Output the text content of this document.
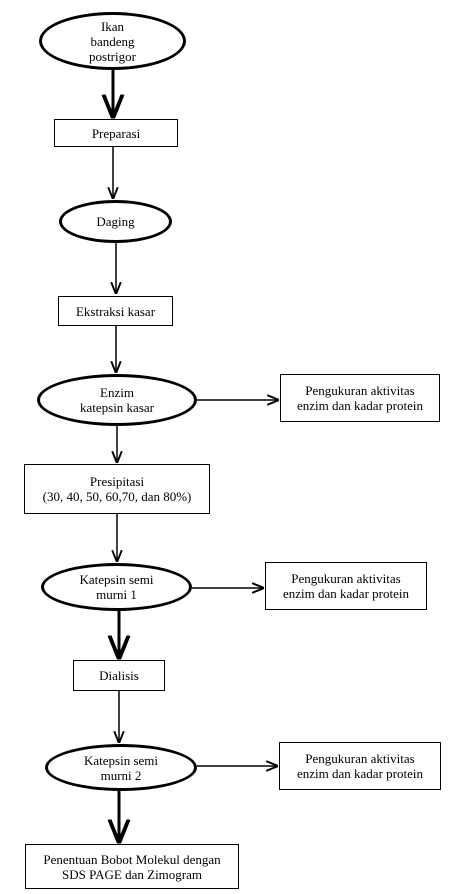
Ikan
bandeng
postrigor
Preparasi
Daging
Ekstraksi kasar
Enzim
katepsin kasar
Pengukuran aktivitas
enzim dan kadar protein
Presipitasi
(30, 40, 50, 60,70, dan 80%)
Katepsin semi
murni 1
Pengukuran aktivitas
enzim dan kadar protein
Dialisis
Katepsin semi
murni 2
Pengukuran aktivitas
enzim dan kadar protein
Penentuan Bobot Molekul dengan
SDS PAGE dan Zimogram
